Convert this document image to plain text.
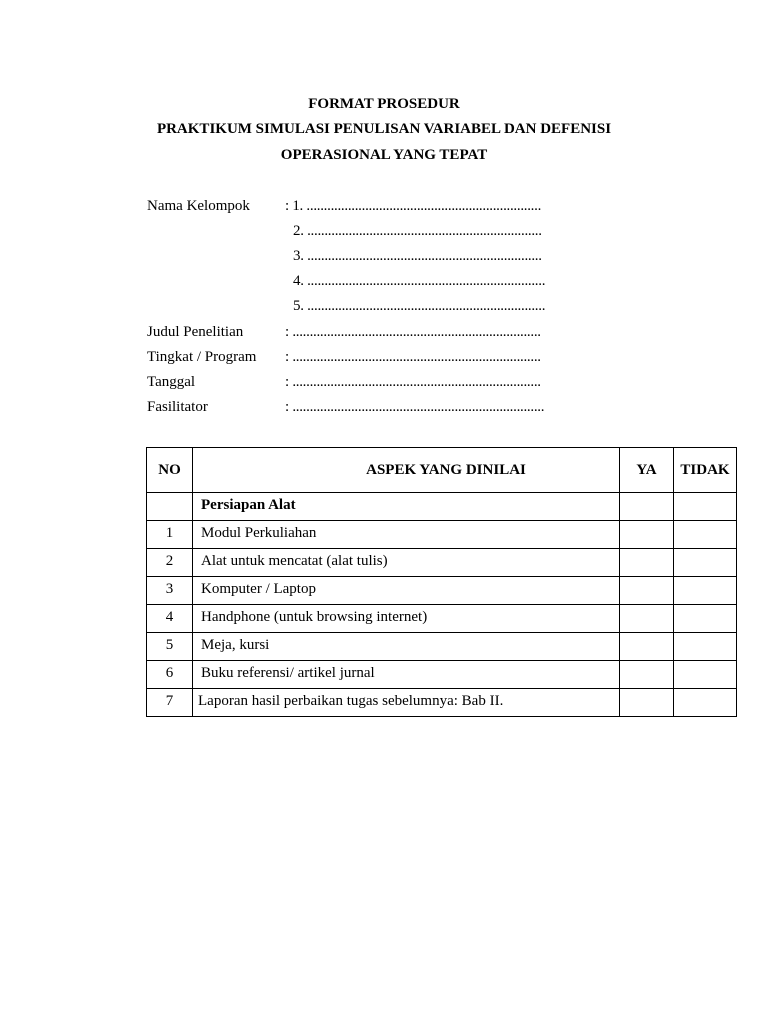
FORMAT PROSEDUR
PRAKTIKUM SIMULASI PENULISAN VARIABEL DAN DEFENISI
OPERASIONAL YANG TEPAT
Nama Kelompok : 1. ....................................................................
2. ....................................................................
3. ....................................................................
4. .....................................................................
5. .....................................................................
Judul Penelitian	: ........................................................................
Tingkat / Program : ........................................................................
Tanggal	: ........................................................................
Fasilitator	: .........................................................................
NO	ASPEK YANG DINILAI	YA	TIDAK
	Persiapan Alat		
1	Modul Perkuliahan		
2	Alat untuk mencatat (alat tulis)		
3	Komputer / Laptop		
4	Handphone (untuk browsing internet)		
5	Meja, kursi		
6	Buku referensi/ artikel jurnal		
7	Laporan hasil perbaikan tugas sebelumnya: Bab II.		
